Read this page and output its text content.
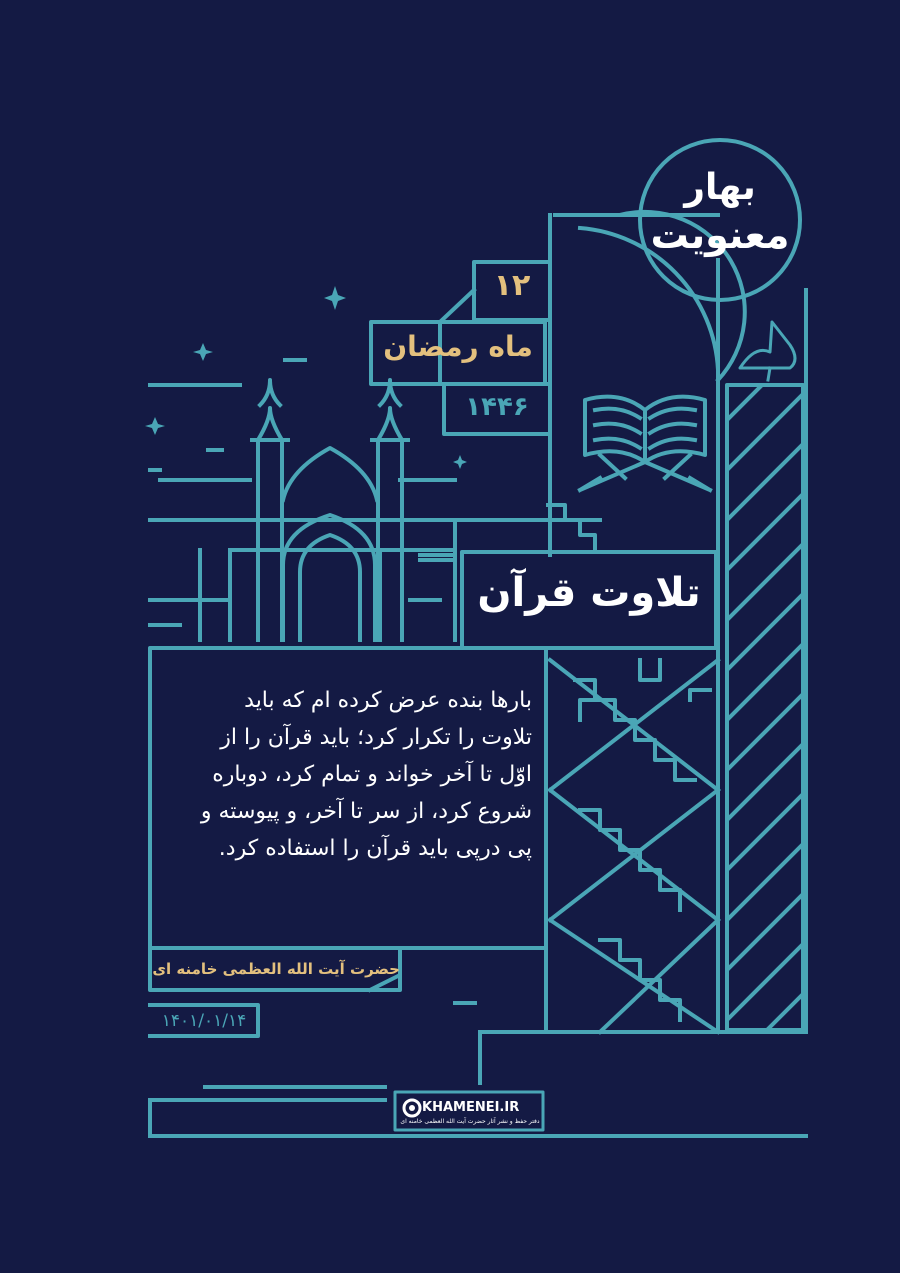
بهار
معنویت
۱۲
ماه رمضان
۱۴۴۶
تلاوت قرآن
بارها بنده عرض کرده ام که باید
تلاوت را تکرار کرد؛ باید قرآن را از
اوّل تا آخر خواند و تمام کرد، دوباره
شروع کرد، از سر تا آخر، و پیوسته و
پی درپی باید قرآن را استفاده کرد.
حضرت آیت الله العظمی خامنه ای
۱۴۰۱/۰۱/۱۴
KHAMENEI.IR
دفتر حفظ و نشر آثار حضرت آیت الله العظمی خامنه ای
